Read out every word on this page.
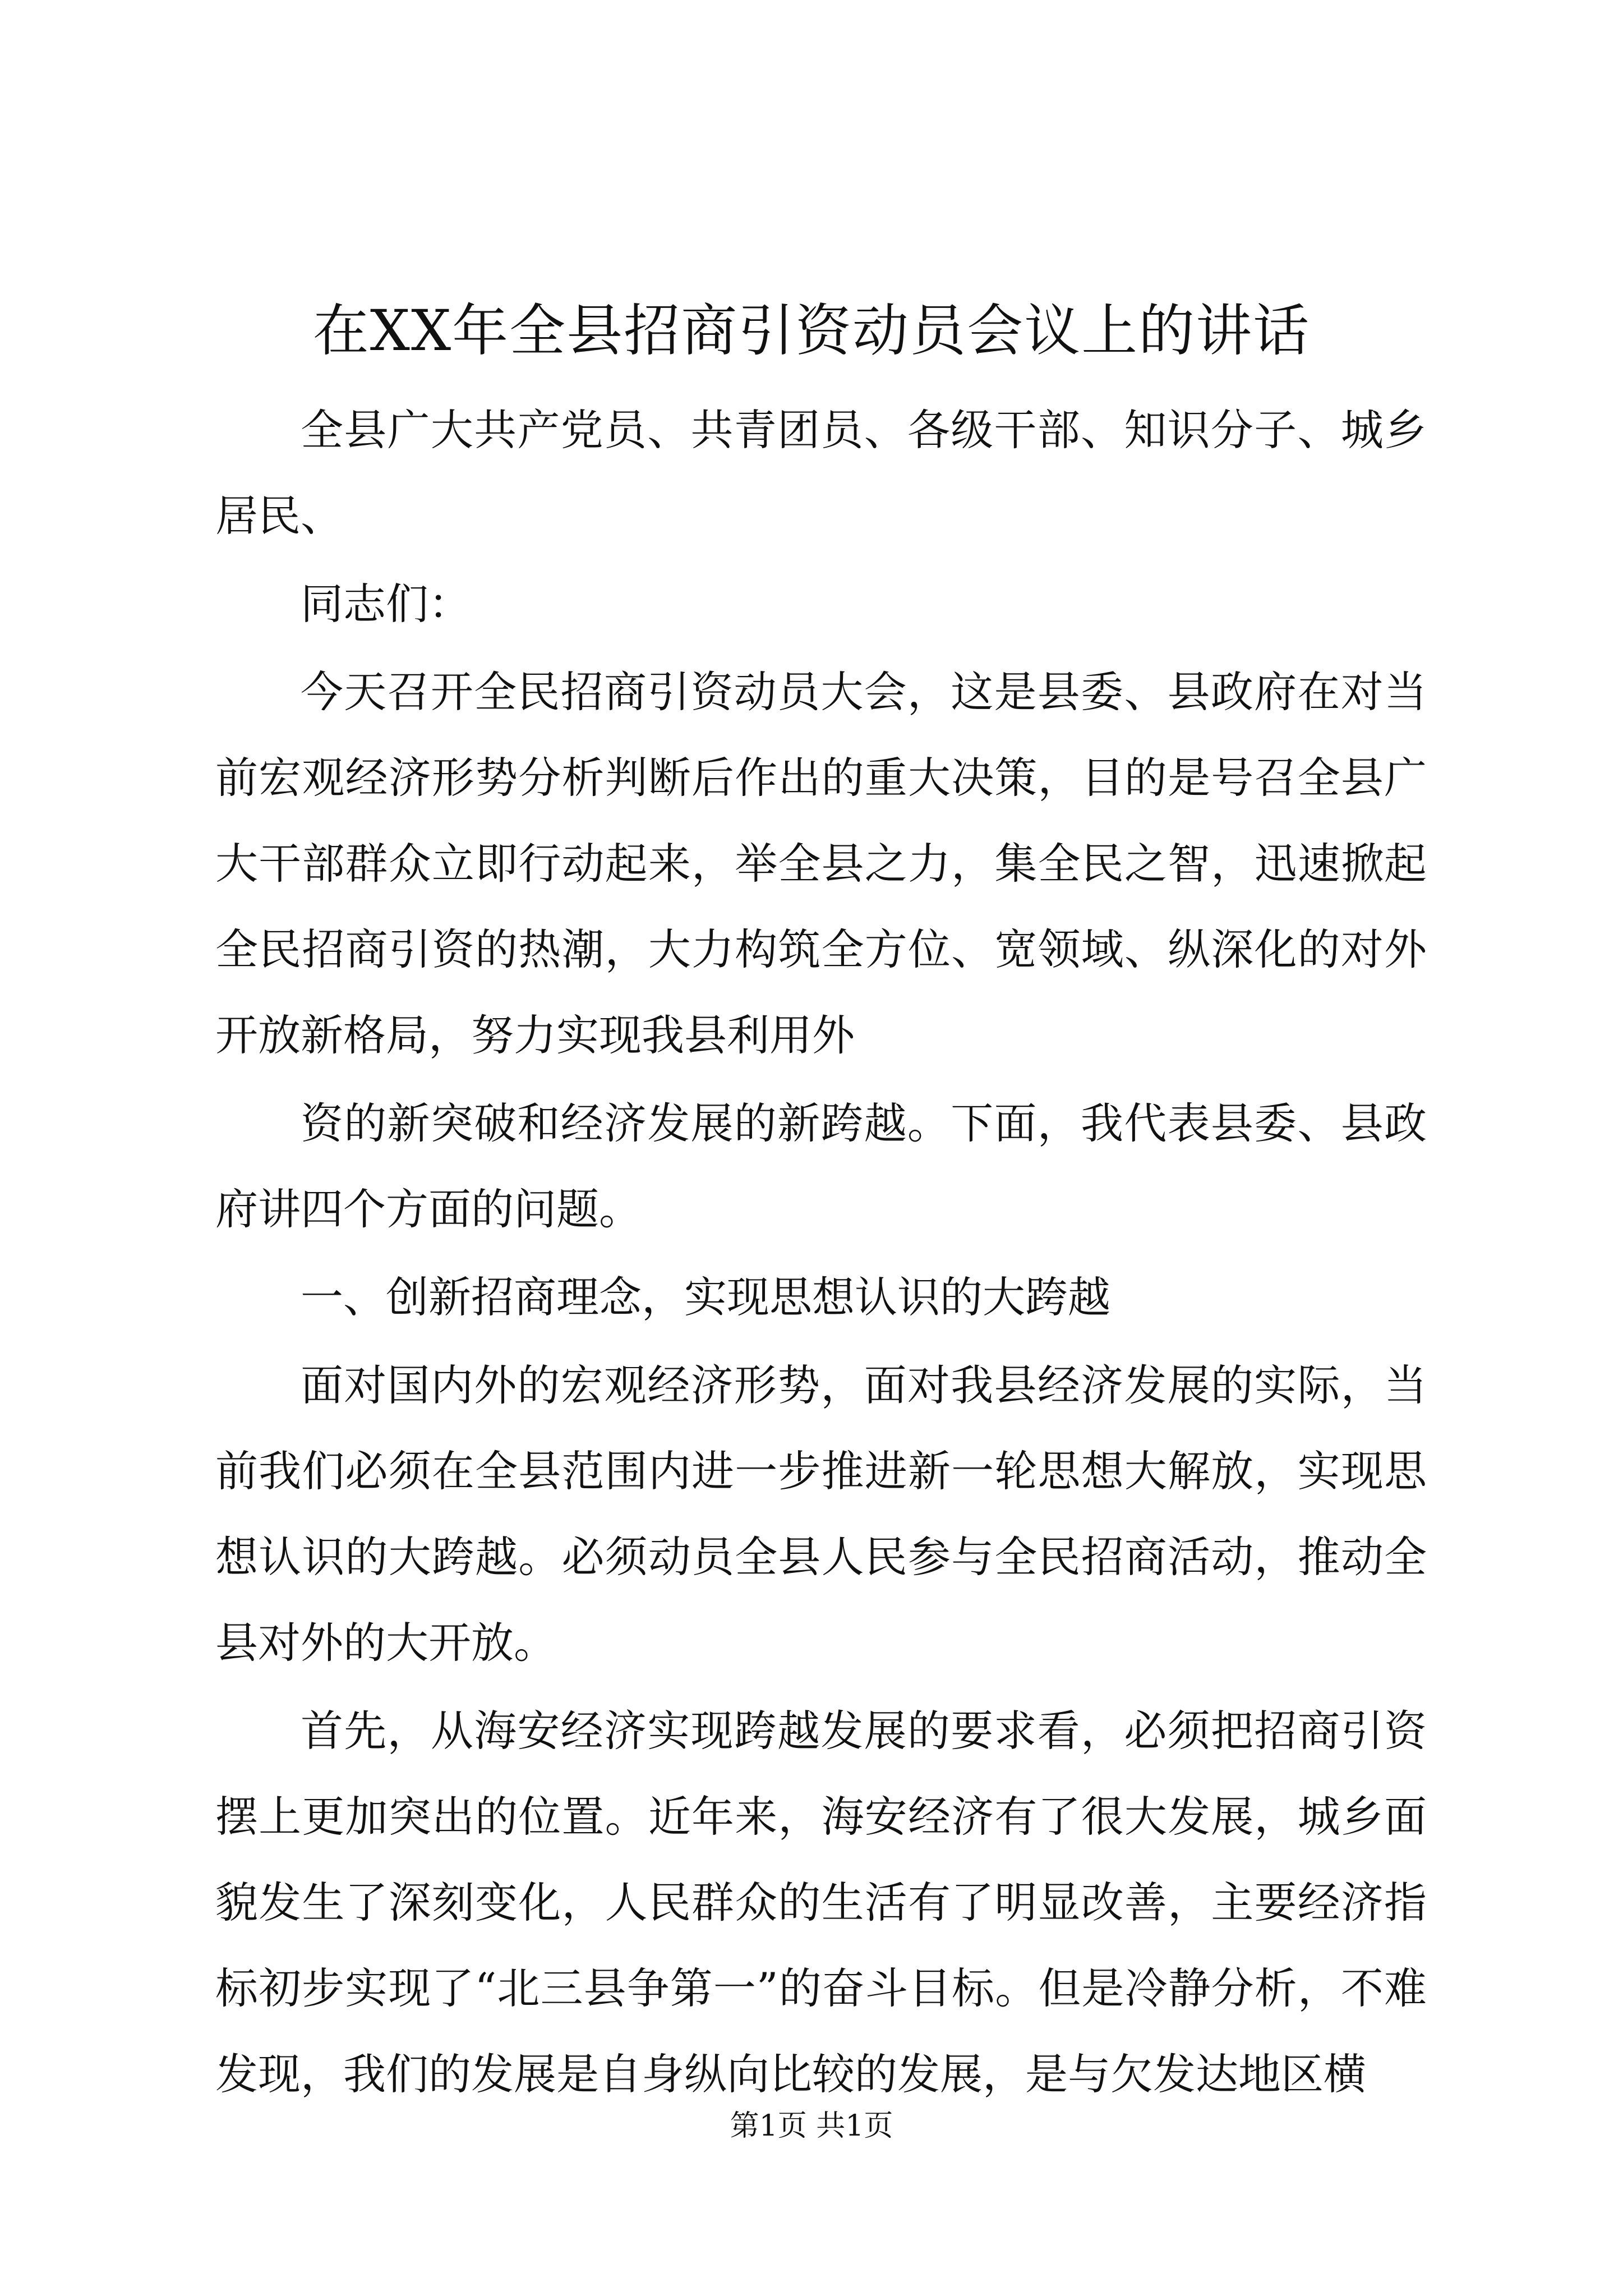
在XX年全县招商引资动员会议上的讲话

全县广大共产党员、共青团员、各级干部、知识分子、城乡居民、

同志们：

今天召开全民招商引资动员大会，这是县委、县政府在对当前宏观经济形势分析判断后作出的重大决策，目的是号召全县广大干部群众立即行动起来，举全县之力，集全民之智，迅速掀起全民招商引资的热潮，大力构筑全方位、宽领域、纵深化的对外开放新格局，努力实现我县利用外

资的新突破和经济发展的新跨越。下面，我代表县委、县政府讲四个方面的问题。

一、创新招商理念，实现思想认识的大跨越

面对国内外的宏观经济形势，面对我县经济发展的实际，当前我们必须在全县范围内进一步推进新一轮思想大解放，实现思想认识的大跨越。必须动员全县人民参与全民招商活动，推动全县对外的大开放。

首先，从海安经济实现跨越发展的要求看，必须把招商引资摆上更加突出的位置。近年来，海安经济有了很大发展，城乡面貌发生了深刻变化，人民群众的生活有了明显改善，主要经济指标初步实现了“北三县争第一”的奋斗目标。但是冷静分析，不难发现，我们的发展是自身纵向比较的发展，是与欠发达地区横

第1页 共1页
